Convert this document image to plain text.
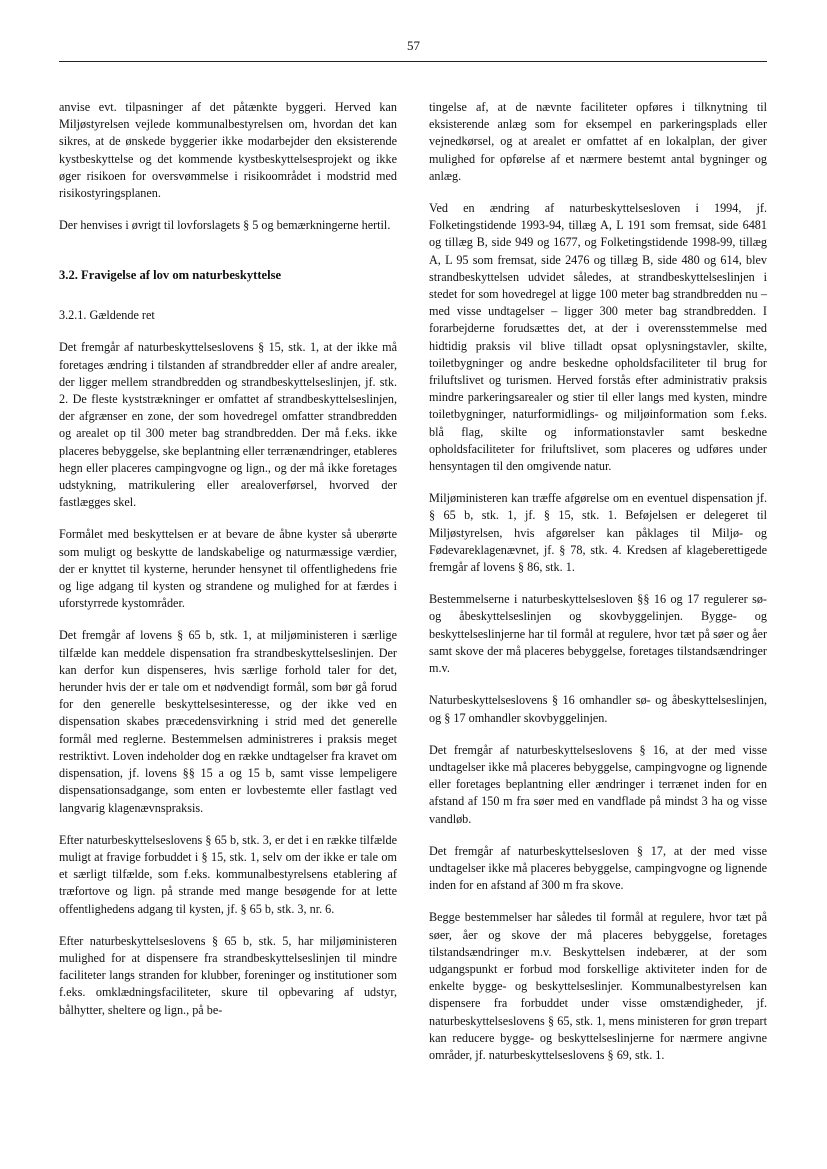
57

anvise evt. tilpasninger af det påtænkte byggeri. Herved kan Miljøstyrelsen vejlede kommunalbestyrelsen om, hvordan det kan sikres, at de ønskede byggerier ikke modarbejder den eksisterende kystbeskyttelse og det kommende kystbeskyttelsesprojekt og ikke øger risikoen for oversvømmelse i risikoområdet i modstrid med risikostyringsplanen.

Der henvises i øvrigt til lovforslagets § 5 og bemærkningerne hertil.

3.2. Fravigelse af lov om naturbeskyttelse
3.2.1. Gældende ret

Det fremgår af naturbeskyttelseslovens § 15, stk. 1, at der ikke må foretages ændring i tilstanden af strandbredder eller af andre arealer, der ligger mellem strandbredden og strandbeskyttelseslinjen, jf. stk. 2. De fleste kyststrækninger er omfattet af strandbeskyttelseslinjen, der afgrænser en zone, der som hovedregel omfatter strandbredden og arealet op til 300 meter bag strandbredden. Der må f.eks. ikke placeres bebyggelse, ske beplantning eller terrænændringer, etableres hegn eller placeres campingvogne og lign., og der må ikke foretages udstykning, matrikulering eller arealoverførsel, hvorved der fastlægges skel.

Formålet med beskyttelsen er at bevare de åbne kyster så uberørte som muligt og beskytte de landskabelige og naturmæssige værdier, der er knyttet til kysterne, herunder hensynet til offentlighedens frie og lige adgang til kysten og strandene og mulighed for at færdes i uforstyrrede kystområder.

Det fremgår af lovens § 65 b, stk. 1, at miljøministeren i særlige tilfælde kan meddele dispensation fra strandbeskyttelseslinjen. Der kan derfor kun dispenseres, hvis særlige forhold taler for det, herunder hvis der er tale om et nødvendigt formål, som bør gå forud for den generelle beskyttelsesinteresse, og der ikke ved en dispensation skabes præcedensvirkning i strid med det generelle formål med reglerne. Bestemmelsen administreres i praksis meget restriktivt. Loven indeholder dog en række undtagelser fra kravet om dispensation, jf. lovens §§ 15 a og 15 b, samt visse lempeligere dispensationsadgange, som enten er lovbestemte eller fastlagt ved langvarig klagenævnspraksis.

Efter naturbeskyttelseslovens § 65 b, stk. 3, er det i en række tilfælde muligt at fravige forbuddet i § 15, stk. 1, selv om der ikke er tale om et særligt tilfælde, som f.eks. kommunalbestyrelsens etablering af træfortove og lign. på strande med mange besøgende for at lette offentlighedens adgang til kysten, jf. § 65 b, stk. 3, nr. 6.

Efter naturbeskyttelseslovens § 65 b, stk. 5, har miljøministeren mulighed for at dispensere fra strandbeskyttelseslinjen til mindre faciliteter langs stranden for klubber, foreninger og institutioner som f.eks. omklædningsfaciliteter, skure til opbevaring af udstyr, bålhytter, sheltere og lign., på be-

tingelse af, at de nævnte faciliteter opføres i tilknytning til eksisterende anlæg som for eksempel en parkeringsplads eller vejnedkørsel, og at arealet er omfattet af en lokalplan, der giver mulighed for opførelse af et nærmere bestemt antal bygninger og anlæg.

Ved en ændring af naturbeskyttelsesloven i 1994, jf. Folketingstidende 1993-94, tillæg A, L 191 som fremsat, side 6481 og tillæg B, side 949 og 1677, og Folketingstidende 1998-99, tillæg A, L 95 som fremsat, side 2476 og tillæg B, side 480 og 614, blev strandbeskyttelsen udvidet således, at strandbeskyttelseslinjen i stedet for som hovedregel at ligge 100 meter bag strandbredden nu – med visse undtagelser – ligger 300 meter bag strandbredden. I forarbejderne forudsættes det, at der i overensstemmelse med hidtidig praksis vil blive tilladt opsat oplysningstavler, skilte, toiletbygninger og andre beskedne opholdsfaciliteter til brug for friluftslivet og turismen. Herved forstås efter administrativ praksis mindre parkeringsarealer og stier til eller langs med kysten, mindre toiletbygninger, naturformidlings- og miljøinformation som f.eks. blå flag, skilte og informationstavler samt beskedne opholdsfaciliteter for friluftslivet, som placeres og udføres under hensyntagen til den omgivende natur.

Miljøministeren kan træffe afgørelse om en eventuel dispensation jf. § 65 b, stk. 1, jf. § 15, stk. 1. Beføjelsen er delegeret til Miljøstyrelsen, hvis afgørelser kan påklages til Miljø- og Fødevareklagenævnet, jf. § 78, stk. 4. Kredsen af klageberettigede fremgår af lovens § 86, stk. 1.

Bestemmelserne i naturbeskyttelsesloven §§ 16 og 17 regulerer sø- og åbeskyttelseslinjen og skovbyggelinjen. Bygge- og beskyttelseslinjerne har til formål at regulere, hvor tæt på søer og åer samt skove der må placeres bebyggelse, foretages tilstandsændringer m.v.

Naturbeskyttelseslovens § 16 omhandler sø- og åbeskyttelseslinjen, og § 17 omhandler skovbyggelinjen.

Det fremgår af naturbeskyttelseslovens § 16, at der med visse undtagelser ikke må placeres bebyggelse, campingvogne og lignende eller foretages beplantning eller ændringer i terrænet inden for en afstand af 150 m fra søer med en vandflade på mindst 3 ha og visse vandløb.

Det fremgår af naturbeskyttelsesloven § 17, at der med visse undtagelser ikke må placeres bebyggelse, campingvogne og lignende inden for en afstand af 300 m fra skove.

Begge bestemmelser har således til formål at regulere, hvor tæt på søer, åer og skove der må placeres bebyggelse, foretages tilstandsændringer m.v. Beskyttelsen indebærer, at der som udgangspunkt er forbud mod forskellige aktiviteter inden for de enkelte bygge- og beskyttelseslinjer. Kommunalbestyrelsen kan dispensere fra forbuddet under visse omstændigheder, jf. naturbeskyttelseslovens § 65, stk. 1, mens ministeren for grøn trepart kan reducere bygge- og beskyttelseslinjerne for nærmere angivne områder, jf. naturbeskyttelseslovens § 69, stk. 1.
